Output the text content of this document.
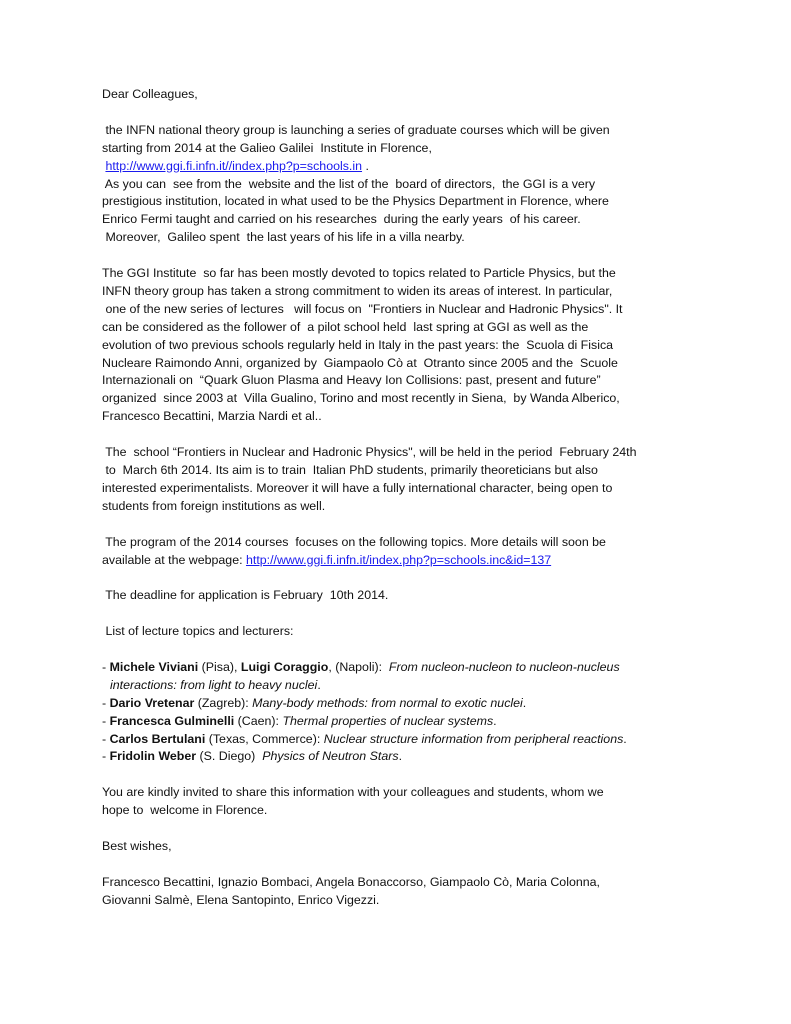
Dear Colleagues,

the INFN national theory group is launching a series of graduate courses which will be given
starting from 2014 at the Galieo Galilei  Institute in Florence,
http://www.ggi.fi.infn.it//index.php?p=schools.in .
As you can  see from the  website and the list of the  board of directors,  the GGI is a very
prestigious institution, located in what used to be the Physics Department in Florence, where
Enrico Fermi taught and carried on his researches  during the early years  of his career.
Moreover,  Galileo spent  the last years of his life in a villa nearby.

The GGI Institute  so far has been mostly devoted to topics related to Particle Physics, but the
INFN theory group has taken a strong commitment to widen its areas of interest. In particular,
one of the new series of lectures   will focus on  "Frontiers in Nuclear and Hadronic Physics". It
can be considered as the follower of  a pilot school held  last spring at GGI as well as the
evolution of two previous schools regularly held in Italy in the past years: the  Scuola di Fisica
Nucleare Raimondo Anni, organized by  Giampaolo Cò at  Otranto since 2005 and the  Scuole
Internazionali on  “Quark Gluon Plasma and Heavy Ion Collisions: past, present and future”
organized  since 2003 at  Villa Gualino, Torino and most recently in Siena,  by Wanda Alberico,
Francesco Becattini, Marzia Nardi et al..

The  school “Frontiers in Nuclear and Hadronic Physics", will be held in the period  February 24th
to  March 6th 2014. Its aim is to train  Italian PhD students, primarily theoreticians but also
interested experimentalists. Moreover it will have a fully international character, being open to
students from foreign institutions as well.

The program of the 2014 courses  focuses on the following topics. More details will soon be
available at the webpage: http://www.ggi.fi.infn.it/index.php?p=schools.inc&id=137

The deadline for application is February  10th 2014.

List of lecture topics and lecturers:

- Michele Viviani (Pisa), Luigi Coraggio, (Napoli):  From nucleon-nucleon to nucleon-nucleus
interactions: from light to heavy nuclei.
- Dario Vretenar (Zagreb): Many-body methods: from normal to exotic nuclei.
- Francesca Gulminelli (Caen): Thermal properties of nuclear systems.
- Carlos Bertulani (Texas, Commerce): Nuclear structure information from peripheral reactions.
- Fridolin Weber (S. Diego)  Physics of Neutron Stars.

You are kindly invited to share this information with your colleagues and students, whom we
hope to  welcome in Florence.

Best wishes,

Francesco Becattini, Ignazio Bombaci, Angela Bonaccorso, Giampaolo Cò, Maria Colonna,
Giovanni Salmè, Elena Santopinto, Enrico Vigezzi.
